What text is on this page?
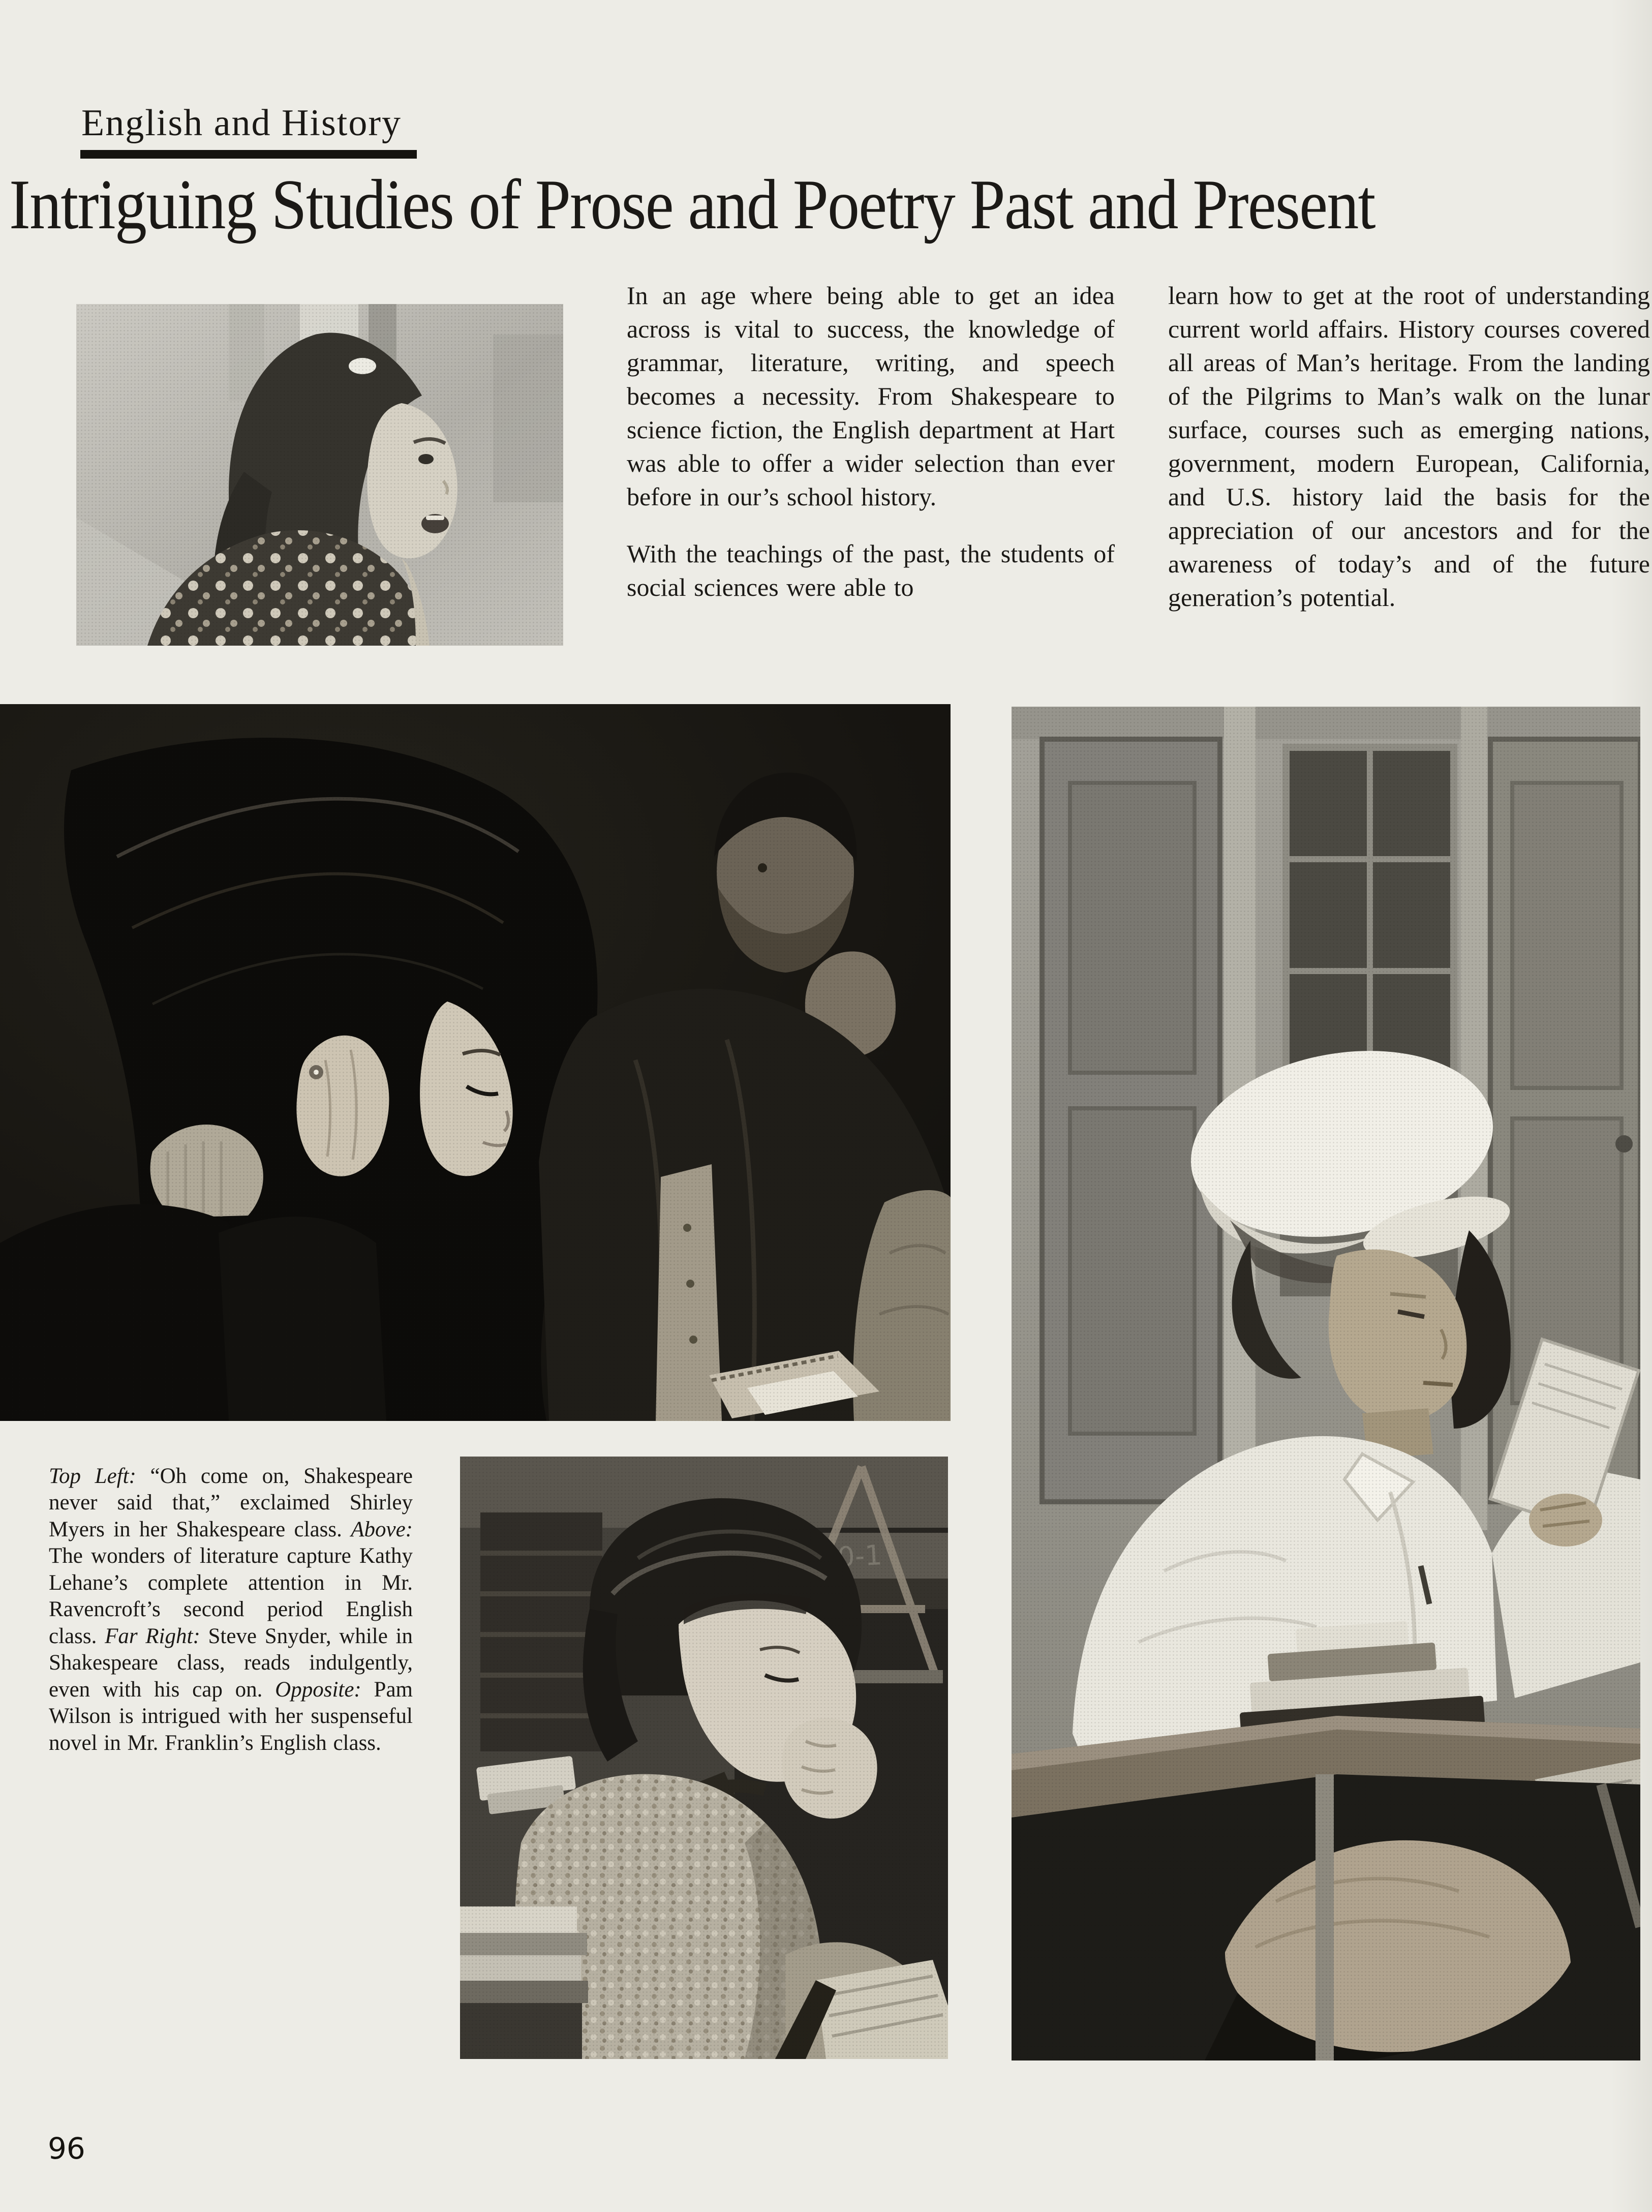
English and History
Intriguing Studies of Prose and Poetry Past and Present

In an age where being able to get an idea across is vital to success, the knowledge of grammar, literature, writing, and speech becomes a necessity. From Shakespeare to science fiction, the English department at Hart was able to offer a wider selection than ever before in our’s school history.

With the teachings of the past, the students of social sciences were able to

learn how to get at the root of understanding current world affairs. History courses covered all areas of Man’s heritage. From the landing of the Pilgrims to Man’s walk on the lunar surface, courses such as emerging nations, government, modern European, California, and U.S. history laid the basis for the appreciation of our ancestors and for the awareness of today’s and of the future generation’s potential.

Top Left: “Oh come on, Shakespeare never said that,” exclaimed Shirley Myers in her Shakespeare class. Above: The wonders of literature capture Kathy Lehane’s complete attention in Mr. Ravencroft’s second period English class. Far Right: Steve Snyder, while in Shakespeare class, reads indulgently, even with his cap on. Opposite: Pam Wilson is intrigued with her suspenseful novel in Mr. Franklin’s English class.

96
